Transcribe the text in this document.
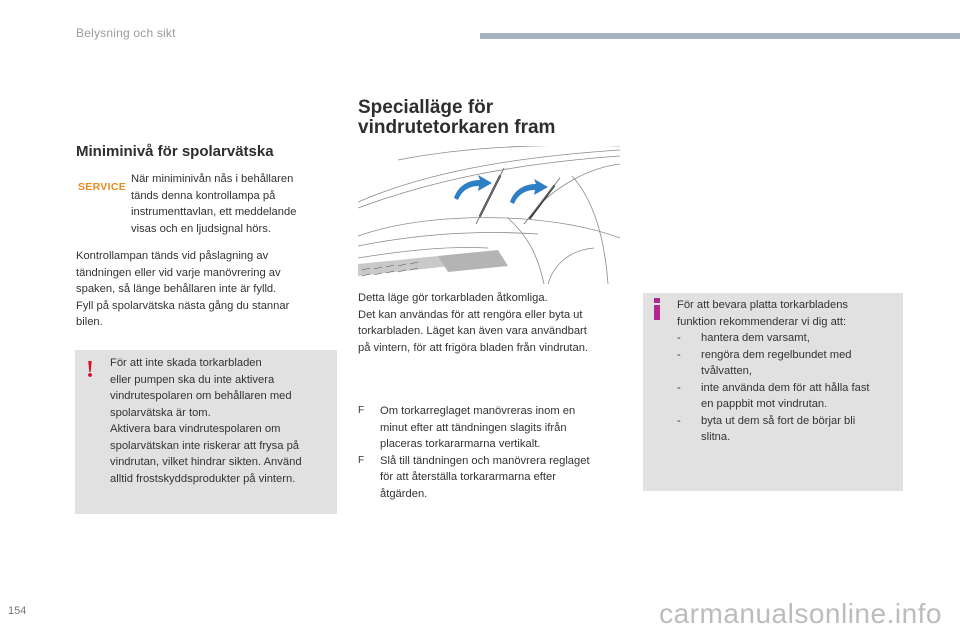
Belysning och sikt
Miniminivå för spolarvätska
SERVICE
När miniminivån nås i behållaren
tänds denna kontrollampa på
instrumenttavlan, ett meddelande
visas och en ljudsignal hörs.
Kontrollampan tänds vid påslagning av
tändningen eller vid varje manövrering av
spaken, så länge behållaren inte är fylld.
Fyll på spolarvätska nästa gång du stannar
bilen.
! För att inte skada torkarbladen
eller pumpen ska du inte aktivera
vindrutespolaren om behållaren med
spolarvätska är tom.
Aktivera bara vindrutespolaren om
spolarvätskan inte riskerar att frysa på
vindrutan, vilket hindrar sikten. Använd
alltid frostskyddsprodukter på vintern.
Specialläge för
vindrutetorkaren fram
Detta läge gör torkarbladen åtkomliga.
Det kan användas för att rengöra eller byta ut
torkarbladen. Läget kan även vara användbart
på vintern, för att frigöra bladen från vindrutan.
F	Om torkarreglaget manövreras inom en
minut efter att tändningen slagits ifrån
placeras torkararmarna vertikalt.
F	Slå till tändningen och manövrera reglaget
för att återställa torkararmarna efter
åtgärden.
För att bevara platta torkarbladens
funktion rekommenderar vi dig att:
-	hantera dem varsamt,
-	rengöra dem regelbundet med
tvålvatten,
-	inte använda dem för att hålla fast
en pappbit mot vindrutan.
-	byta ut dem så fort de börjar bli
slitna.
154	carmanualsonline.info
